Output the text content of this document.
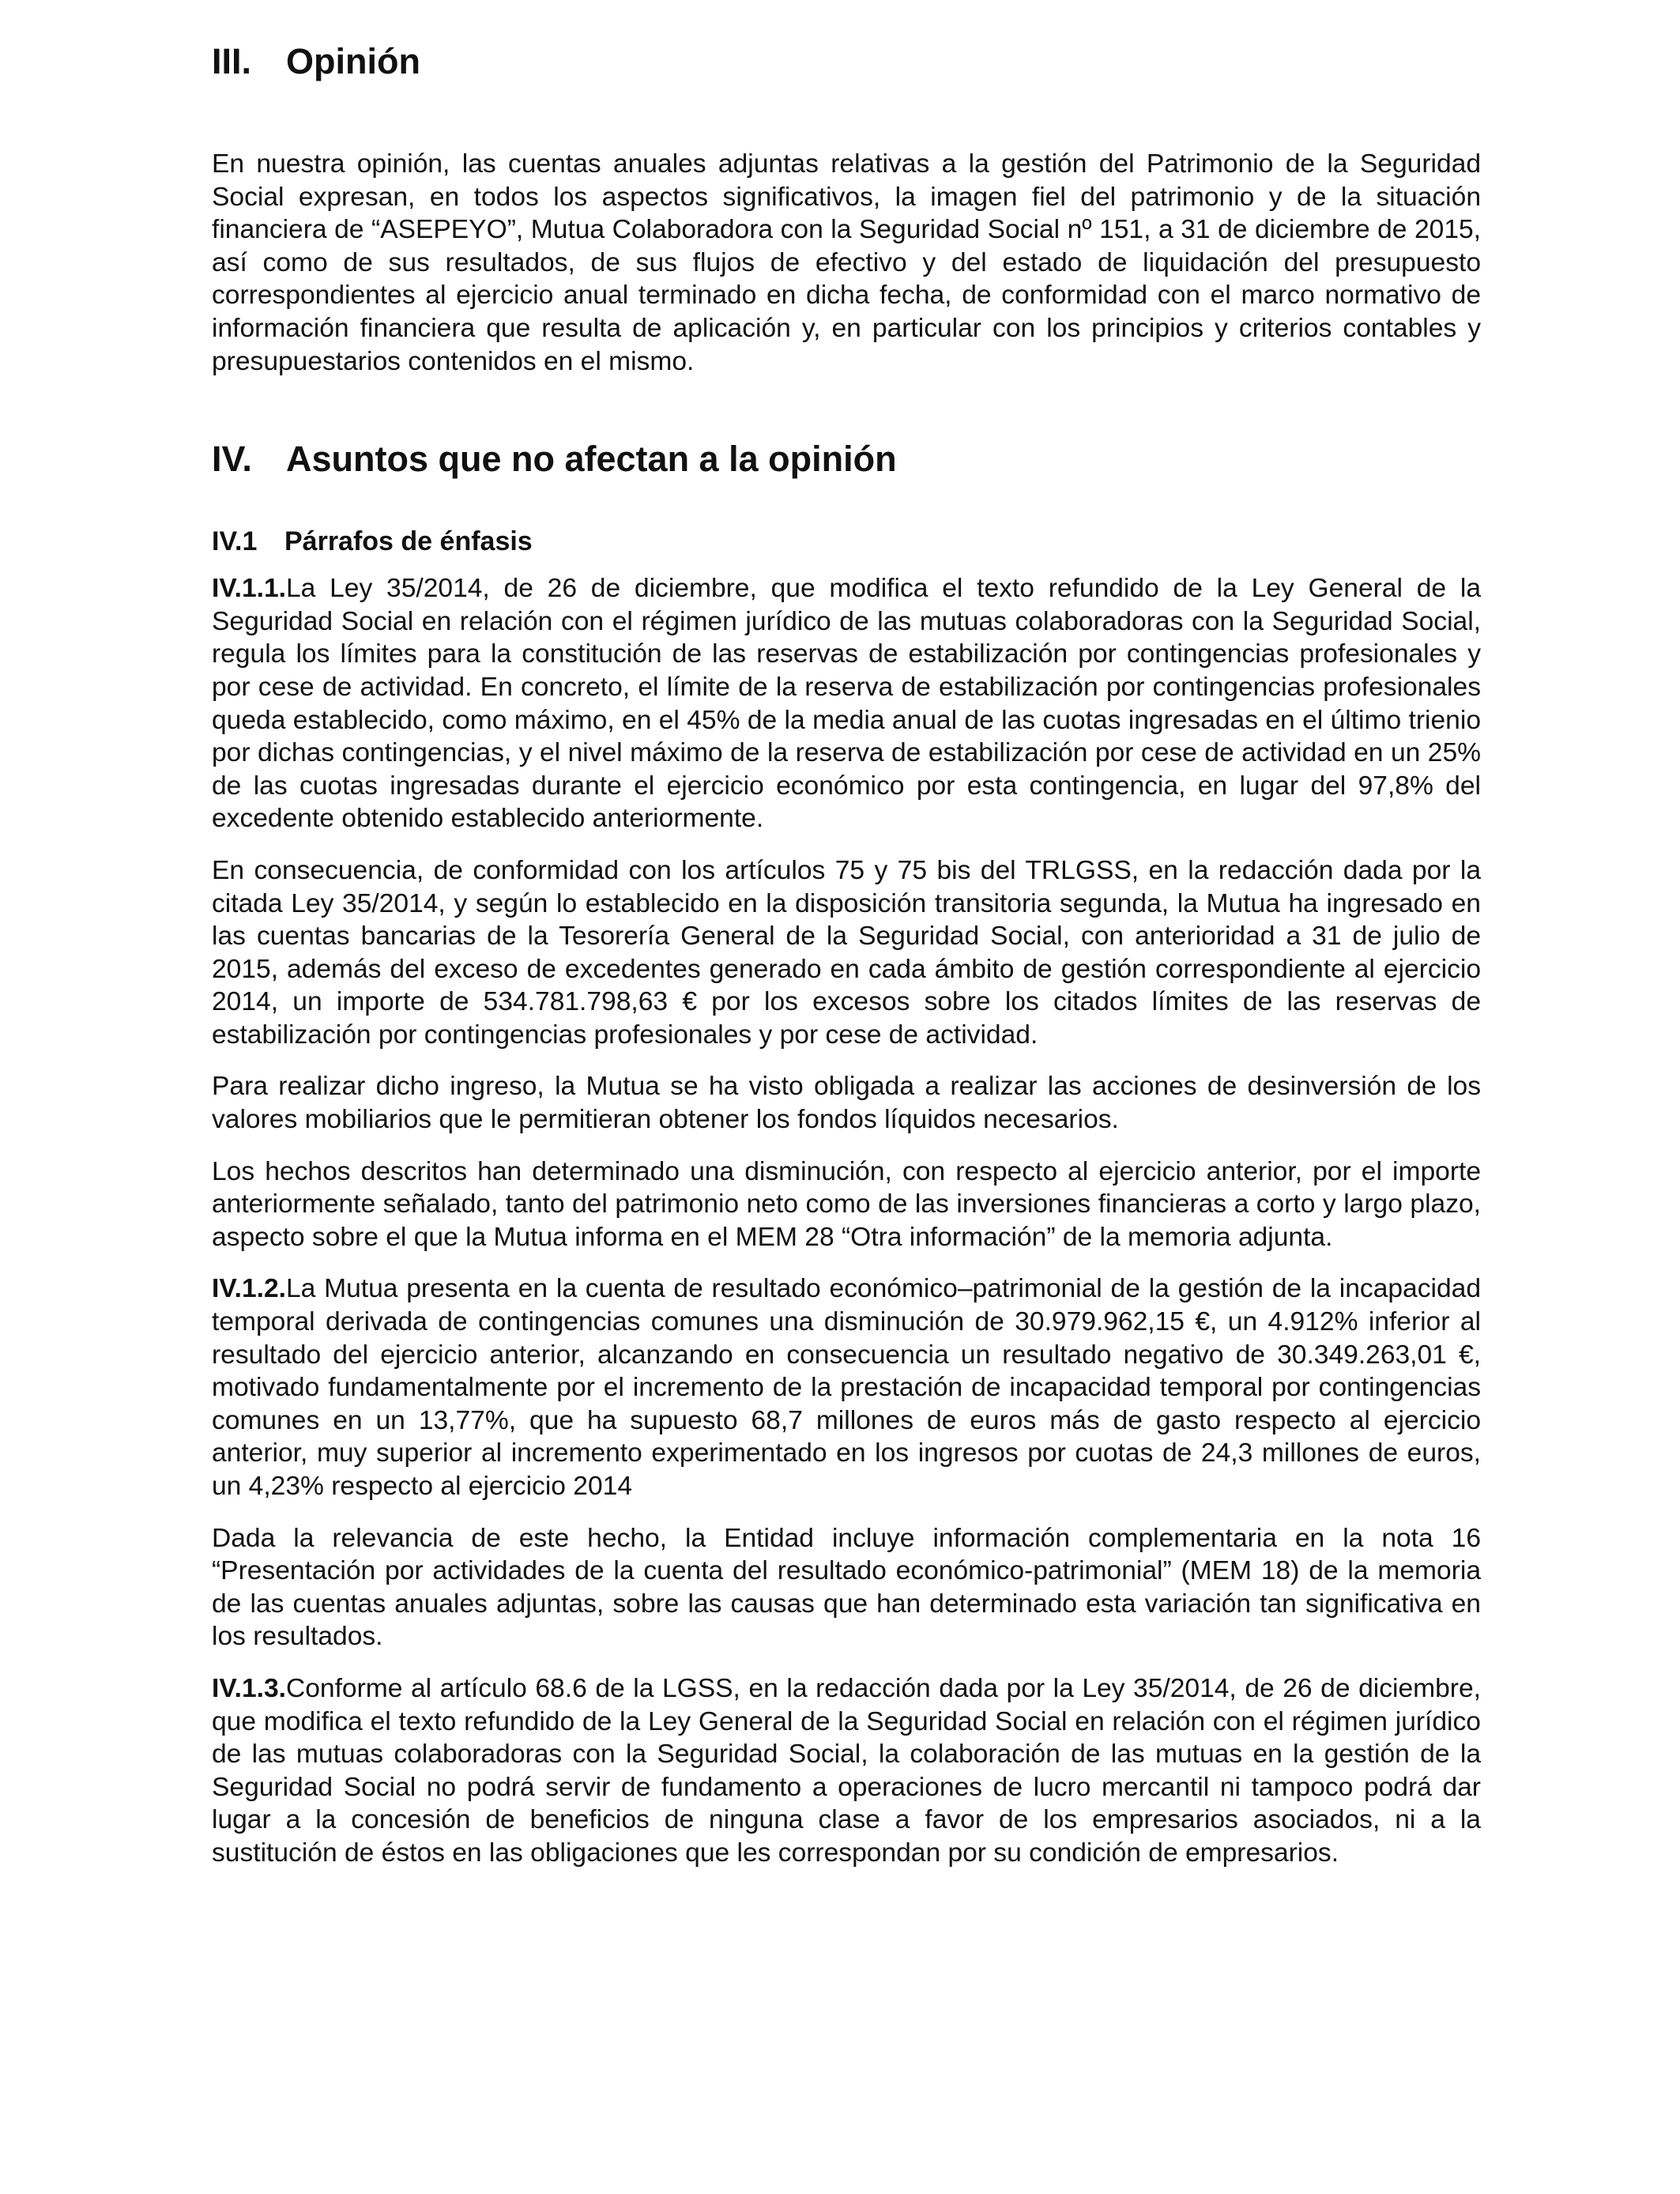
III. Opinión

En nuestra opinión, las cuentas anuales adjuntas relativas a la gestión del Patrimonio de la Seguridad Social expresan, en todos los aspectos significativos, la imagen fiel del patrimonio y de la situación financiera de “ASEPEYO”, Mutua Colaboradora con la Seguridad Social nº 151, a 31 de diciembre de 2015, así como de sus resultados, de sus flujos de efectivo y del estado de liquidación del presupuesto correspondientes al ejercicio anual terminado en dicha fecha, de conformidad con el marco normativo de información financiera que resulta de aplicación y, en particular con los principios y criterios contables y presupuestarios contenidos en el mismo.

IV. Asuntos que no afectan a la opinión
IV.1	Párrafos de énfasis

IV.1.1.La Ley 35/2014, de 26 de diciembre, que modifica el texto refundido de la Ley General de la Seguridad Social en relación con el régimen jurídico de las mutuas colaboradoras con la Seguridad Social, regula los límites para la constitución de las reservas de estabilización por contingencias profesionales y por cese de actividad. En concreto, el límite de la reserva de estabilización por contingencias profesionales queda establecido, como máximo, en el 45% de la media anual de las cuotas ingresadas en el último trienio por dichas contingencias, y el nivel máximo de la reserva de estabilización por cese de actividad en un 25% de las cuotas ingresadas durante el ejercicio económico por esta contingencia, en lugar del 97,8% del excedente obtenido establecido anteriormente.

En consecuencia, de conformidad con los artículos 75 y 75 bis del TRLGSS, en la redacción dada por la citada Ley 35/2014, y según lo establecido en la disposición transitoria segunda, la Mutua ha ingresado en las cuentas bancarias de la Tesorería General de la Seguridad Social, con anterioridad a 31 de julio de 2015, además del exceso de excedentes generado en cada ámbito de gestión correspondiente al ejercicio 2014, un importe de 534.781.798,63 € por los excesos sobre los citados límites de las reservas de estabilización por contingencias profesionales y por cese de actividad.

Para realizar dicho ingreso, la Mutua se ha visto obligada a realizar las acciones de desinversión de los valores mobiliarios que le permitieran obtener los fondos líquidos necesarios.

Los hechos descritos han determinado una disminución, con respecto al ejercicio anterior, por el importe anteriormente señalado, tanto del patrimonio neto como de las inversiones financieras a corto y largo plazo, aspecto sobre el que la Mutua informa en el MEM 28 “Otra información” de la memoria adjunta.

IV.1.2.La Mutua presenta en la cuenta de resultado económico–patrimonial de la gestión de la incapacidad temporal derivada de contingencias comunes una disminución de 30.979.962,15 €, un 4.912% inferior al resultado del ejercicio anterior, alcanzando en consecuencia un resultado negativo de 30.349.263,01 €, motivado fundamentalmente por el incremento de la prestación de incapacidad temporal por contingencias comunes en un 13,77%, que ha supuesto 68,7 millones de euros más de gasto respecto al ejercicio anterior, muy superior al incremento experimentado en los ingresos por cuotas de 24,3 millones de euros, un 4,23% respecto al ejercicio 2014

Dada la relevancia de este hecho, la Entidad incluye información complementaria en la nota 16 “Presentación por actividades de la cuenta del resultado económico-patrimonial” (MEM 18) de la memoria de las cuentas anuales adjuntas, sobre las causas que han determinado esta variación tan significativa en los resultados.

IV.1.3.Conforme al artículo 68.6 de la LGSS, en la redacción dada por la Ley 35/2014, de 26 de diciembre, que modifica el texto refundido de la Ley General de la Seguridad Social en relación con el régimen jurídico de las mutuas colaboradoras con la Seguridad Social, la colaboración de las mutuas en la gestión de la Seguridad Social no podrá servir de fundamento a operaciones de lucro mercantil ni tampoco podrá dar lugar a la concesión de beneficios de ninguna clase a favor de los empresarios asociados, ni a la sustitución de éstos en las obligaciones que les correspondan por su condición de empresarios.
